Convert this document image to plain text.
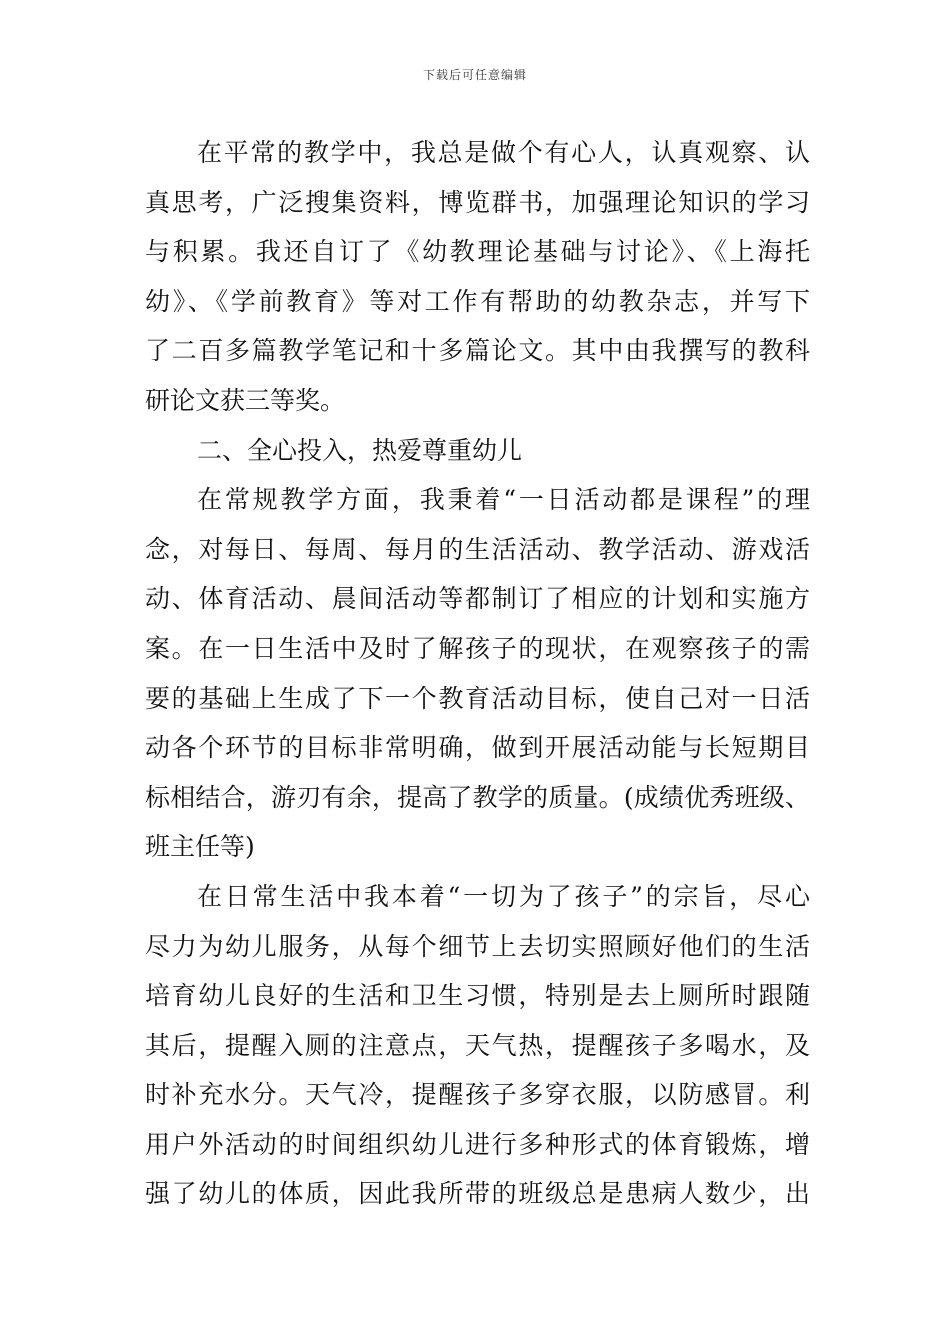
下载后可任意编辑
在平常的教学中，我总是做个有心人，认真观察、认
真思考，广泛搜集资料，博览群书，加强理论知识的学习
与积累。我还自订了《幼教理论基础与讨论》、《上海托
幼》、《学前教育》等对工作有帮助的幼教杂志，并写下
了二百多篇教学笔记和十多篇论文。其中由我撰写的教科
研论文获三等奖。
二、全心投入，热爱尊重幼儿
在常规教学方面，我秉着“一日活动都是课程”的理
念，对每日、每周、每月的生活活动、教学活动、游戏活
动、体育活动、晨间活动等都制订了相应的计划和实施方
案。在一日生活中及时了解孩子的现状，在观察孩子的需
要的基础上生成了下一个教育活动目标，使自己对一日活
动各个环节的目标非常明确，做到开展活动能与长短期目
标相结合，游刃有余，提高了教学的质量。(成绩优秀班级、
班主任等)
在日常生活中我本着“一切为了孩子”的宗旨，尽心
尽力为幼儿服务，从每个细节上去切实照顾好他们的生活
培育幼儿良好的生活和卫生习惯，特别是去上厕所时跟随
其后，提醒入厕的注意点，天气热，提醒孩子多喝水，及
时补充水分。天气冷，提醒孩子多穿衣服，以防感冒。利
用户外活动的时间组织幼儿进行多种形式的体育锻炼，增
强了幼儿的体质，因此我所带的班级总是患病人数少，出
